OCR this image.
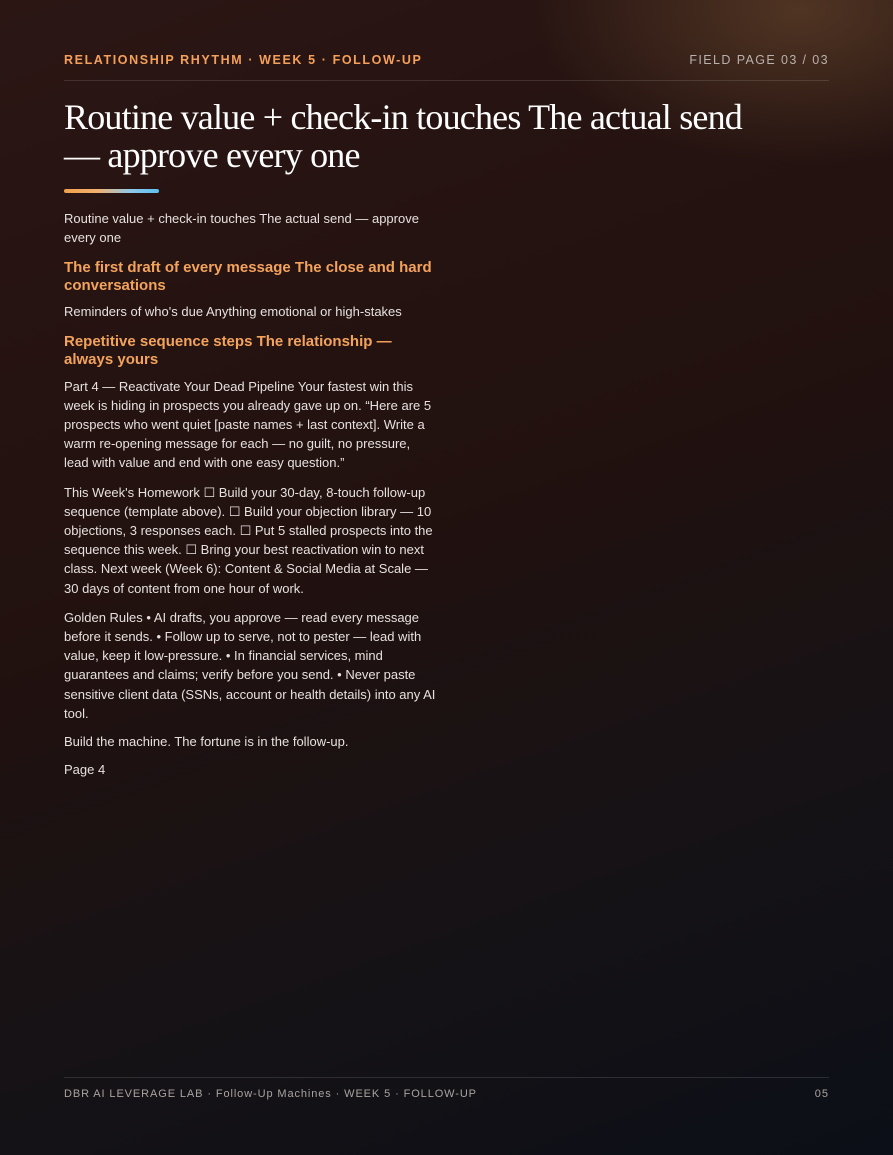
RELATIONSHIP RHYTHM · WEEK 5 · FOLLOW-UP	FIELD PAGE 03 / 03
Routine value + check-in touches The actual send — approve every one

Routine value + check-in touches The actual send — approve every one

The first draft of every message The close and hard conversations

Reminders of who's due Anything emotional or high-stakes

Repetitive sequence steps The relationship — always yours

Part 4 — Reactivate Your Dead Pipeline Your fastest win this week is hiding in prospects you already gave up on. “Here are 5 prospects who went quiet [paste names + last context]. Write a warm re-opening message for each — no guilt, no pressure, lead with value and end with one easy question.”

This Week's Homework ☐ Build your 30-day, 8-touch follow-up sequence (template above). ☐ Build your objection library — 10 objections, 3 responses each. ☐ Put 5 stalled prospects into the sequence this week. ☐ Bring your best reactivation win to next class. Next week (Week 6): Content & Social Media at Scale — 30 days of content from one hour of work.

Golden Rules • AI drafts, you approve — read every message before it sends. • Follow up to serve, not to pester — lead with value, keep it low-pressure. • In financial services, mind guarantees and claims; verify before you send. • Never paste sensitive client data (SSNs, account or health details) into any AI tool.

Build the machine. The fortune is in the follow-up.

Page 4

DBR AI LEVERAGE LAB · Follow-Up Machines · WEEK 5 · FOLLOW-UP	05
